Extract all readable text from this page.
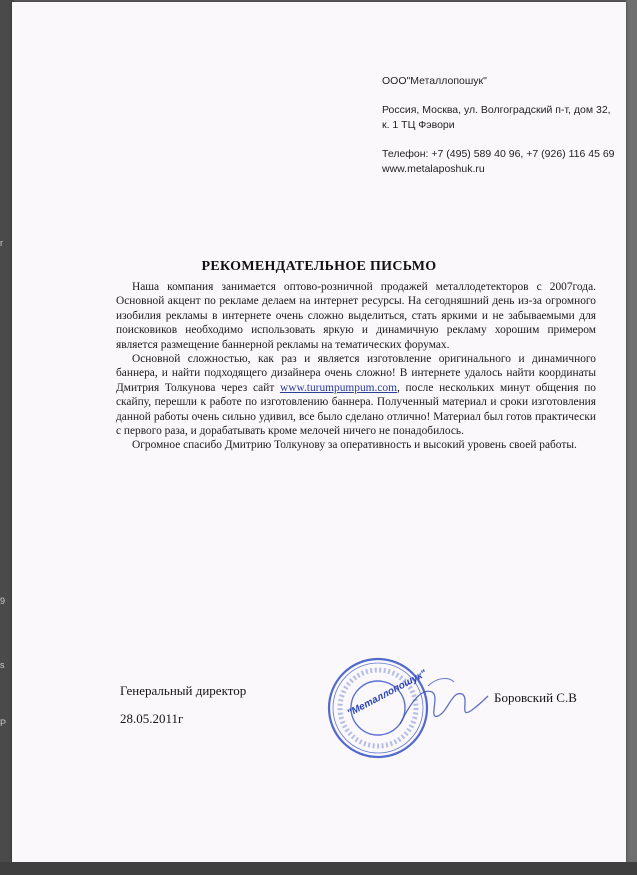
r
9
s
P
ООО"Металлопошук"
Россия, Москва, ул. Волгоградский п-т, дом 32,
к. 1 ТЦ Фэвори
Телефон: +7 (495) 589 40 96, +7 (926) 116 45 69
www.metalaposhuk.ru
РЕКОМЕНДАТЕЛЬНОЕ ПИСЬМО

Наша компания занимается оптово-розничной продажей металлодетекторов с 2007года. Основной акцент по рекламе делаем на интернет ресурсы. На сегодняшний день из-за огромного изобилия рекламы в интернете очень сложно выделиться, стать яркими и не забываемыми для поисковиков необходимо использовать яркую и динамичную рекламу хорошим примером является размещение баннерной рекламы на тематических форумах.

Основной сложностью, как раз и является изготовление оригинального и динамичного баннера, и найти подходящего дизайнера очень сложно! В интернете удалось найти координаты Дмитрия Толкунова через сайт www.turumpumpum.com, после нескольких минут общения по скайпу, перешли к работе по изготовлению баннера. Полученный материал и сроки изготовления данной работы очень сильно удивил, все было сделано отлично! Материал был готов практически с первого раза, и дорабатывать кроме мелочей ничего не понадобилось.

Огромное спасибо Дмитрию Толкунову за оперативность и высокий уровень своей работы.

Генеральный директор
28.05.2011г
Боровский С.В
"Металлопошук"
